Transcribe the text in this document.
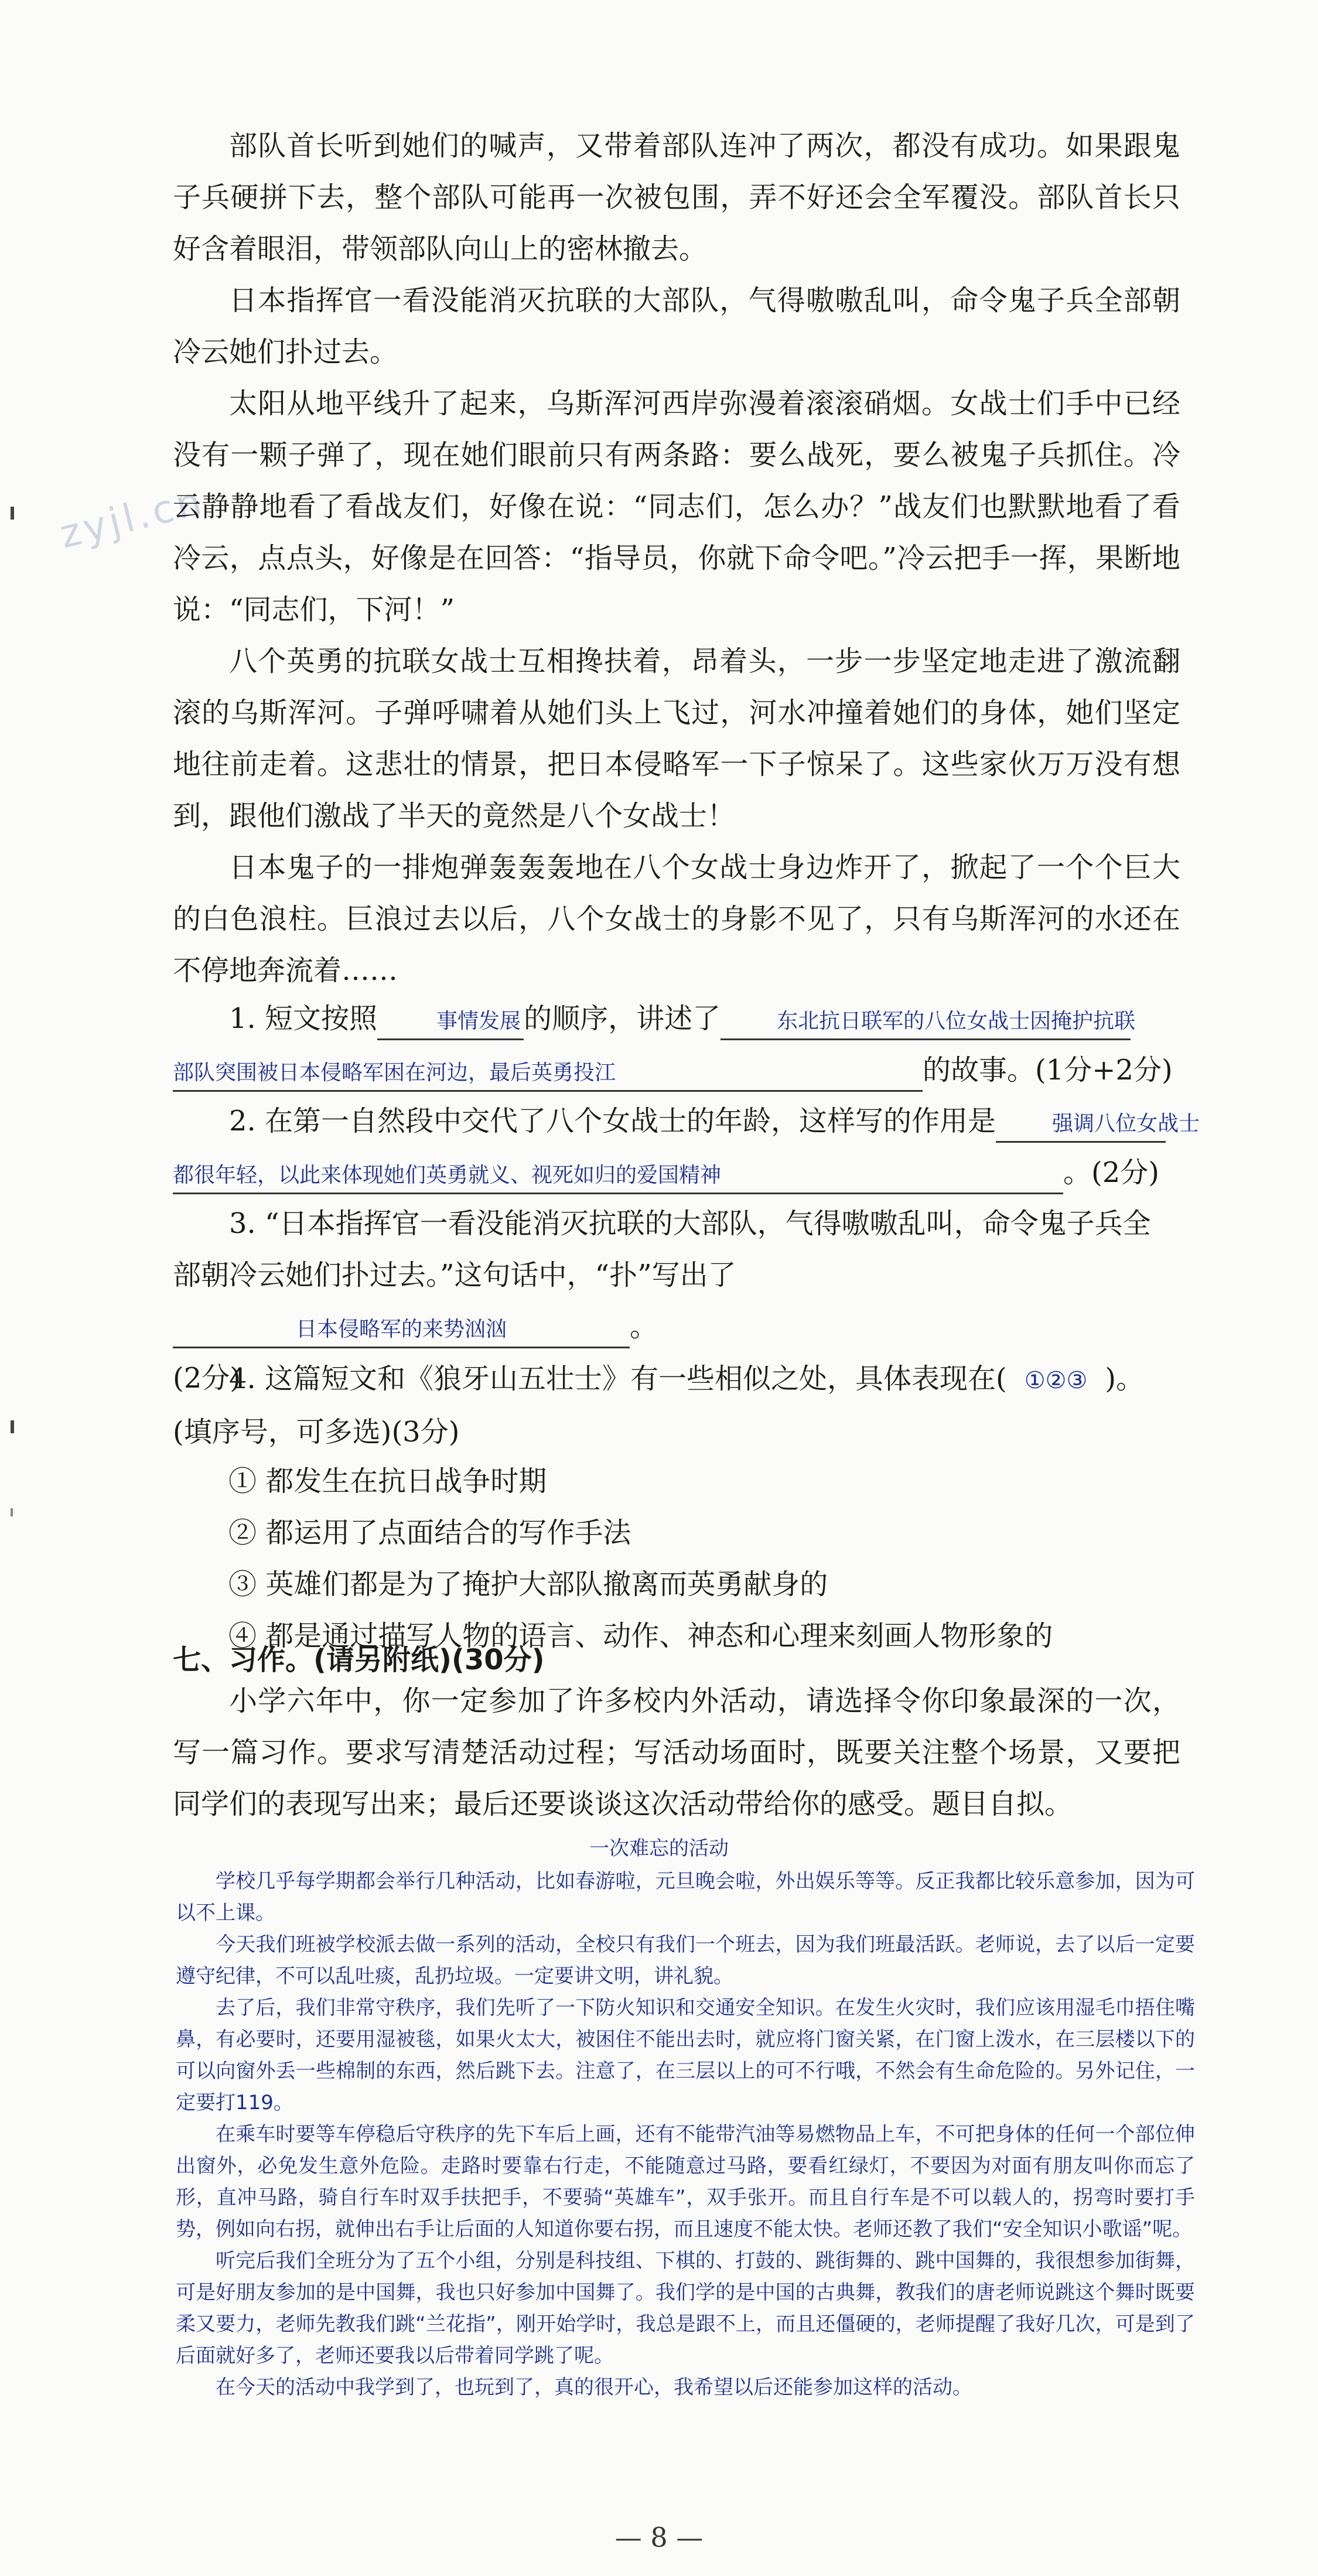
zyjl.cn

部队首长听到她们的喊声，又带着部队连冲了两次，都没有成功。如果跟鬼子兵硬拼下去，整个部队可能再一次被包围，弄不好还会全军覆没。部队首长只好含着眼泪，带领部队向山上的密林撤去。

日本指挥官一看没能消灭抗联的大部队，气得嗷嗷乱叫，命令鬼子兵全部朝冷云她们扑过去。

太阳从地平线升了起来，乌斯浑河西岸弥漫着滚滚硝烟。女战士们手中已经没有一颗子弹了，现在她们眼前只有两条路：要么战死，要么被鬼子兵抓住。冷云静静地看了看战友们，好像在说：“同志们，怎么办？”战友们也默默地看了看冷云，点点头，好像是在回答：“指导员，你就下命令吧。”冷云把手一挥，果断地说：“同志们，下河！”

八个英勇的抗联女战士互相搀扶着，昂着头，一步一步坚定地走进了激流翻滚的乌斯浑河。子弹呼啸着从她们头上飞过，河水冲撞着她们的身体，她们坚定地往前走着。这悲壮的情景，把日本侵略军一下子惊呆了。这些家伙万万没有想到，跟他们激战了半天的竟然是八个女战士！

日本鬼子的一排炮弹轰轰轰地在八个女战士身边炸开了，掀起了一个个巨大的白色浪柱。巨浪过去以后，八个女战士的身影不见了，只有乌斯浑河的水还在不停地奔流着……

1. 短文按照	事情发展 的顺序，讲述了	东北抗日联军的八位女战士因掩护抗联

部队突围被日本侵略军困在河边，最后英勇投江	的故事。(1分+2分)

2. 在第一自然段中交代了八个女战士的年龄，这样写的作用是	强调八位女战士

都很年轻，以此来体现她们英勇就义、视死如归的爱国精神	。(2分)

3. “日本指挥官一看没能消灭抗联的大部队，气得嗷嗷乱叫，命令鬼子兵全

部朝冷云她们扑过去。”这句话中，“扑”写出了日本侵略军的来势汹汹	。

(2分)

4. 这篇短文和《狼牙山五壮士》有一些相似之处，具体表现在( ①②③ )。

(填序号，可多选)(3分)

① 都发生在抗日战争时期
② 都运用了点面结合的写作手法
③ 英雄们都是为了掩护大部队撤离而英勇献身的
④ 都是通过描写人物的语言、动作、神态和心理来刻画人物形象的
七、习作。(请另附纸)(30分)

小学六年中，你一定参加了许多校内外活动，请选择令你印象最深的一次，写一篇习作。要求写清楚活动过程；写活动场面时，既要关注整个场景，又要把同学们的表现写出来；最后还要谈谈这次活动带给你的感受。题目自拟。

一次难忘的活动

学校几乎每学期都会举行几种活动，比如春游啦，元旦晚会啦，外出娱乐等等。反正我都比较乐意参加，因为可以不上课。

今天我们班被学校派去做一系列的活动，全校只有我们一个班去，因为我们班最活跃。老师说，去了以后一定要遵守纪律，不可以乱吐痰，乱扔垃圾。一定要讲文明，讲礼貌。

去了后，我们非常守秩序，我们先听了一下防火知识和交通安全知识。在发生火灾时，我们应该用湿毛巾捂住嘴鼻，有必要时，还要用湿被毯，如果火太大，被困住不能出去时，就应将门窗关紧，在门窗上泼水，在三层楼以下的可以向窗外丢一些棉制的东西，然后跳下去。注意了，在三层以上的可不行哦，不然会有生命危险的。另外记住，一定要打119。

在乘车时要等车停稳后守秩序的先下车后上画，还有不能带汽油等易燃物品上车，不可把身体的任何一个部位伸出窗外，必免发生意外危险。走路时要靠右行走，不能随意过马路，要看红绿灯，不要因为对面有朋友叫你而忘了形，直冲马路，骑自行车时双手扶把手，不要骑“英雄车”，双手张开。而且自行车是不可以载人的，拐弯时要打手势，例如向右拐，就伸出右手让后面的人知道你要右拐，而且速度不能太快。老师还教了我们“安全知识小歌谣”呢。

听完后我们全班分为了五个小组，分别是科技组、下棋的、打鼓的、跳街舞的、跳中国舞的，我很想参加街舞，可是好朋友参加的是中国舞，我也只好参加中国舞了。我们学的是中国的古典舞，教我们的唐老师说跳这个舞时既要柔又要力，老师先教我们跳“兰花指”，刚开始学时，我总是跟不上，而且还僵硬的，老师提醒了我好几次，可是到了后面就好多了，老师还要我以后带着同学跳了呢。

在今天的活动中我学到了，也玩到了，真的很开心，我希望以后还能参加这样的活动。

— 8 —
